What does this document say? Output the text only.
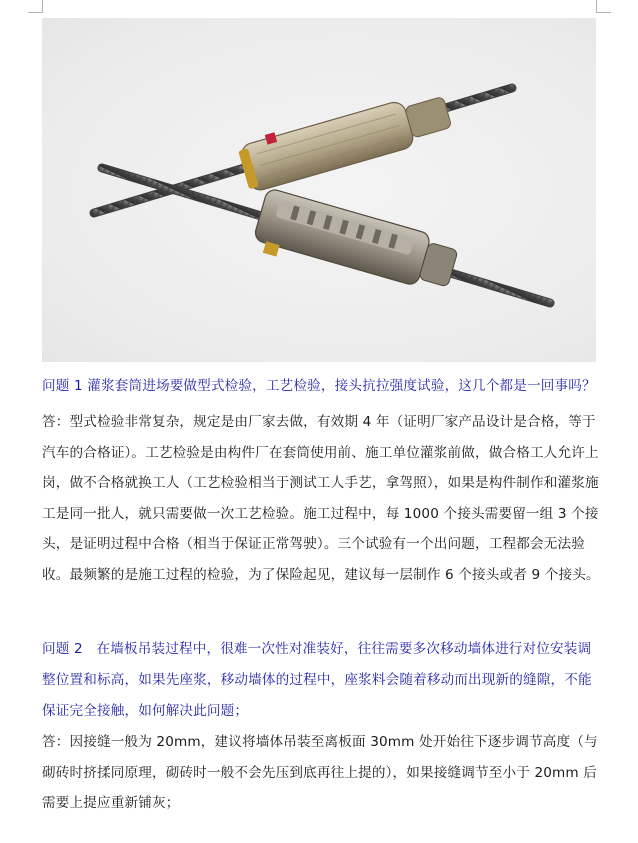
问题 1 灌浆套筒进场要做型式检验，工艺检验，接头抗拉强度试验，这几个都是一回事吗？
答：型式检验非常复杂，规定是由厂家去做，有效期 4 年（证明厂家产品设计是合格，等于汽车的合格证）。工艺检验是由构件厂在套筒使用前、施工单位灌浆前做，做合格工人允许上岗，做不合格就换工人（工艺检验相当于测试工人手艺，拿驾照），如果是构件制作和灌浆施工是同一批人，就只需要做一次工艺检验。施工过程中，每 1000 个接头需要留一组 3 个接头，是证明过程中合格（相当于保证正常驾驶）。三个试验有一个出问题，工程都会无法验收。最频繁的是施工过程的检验，为了保险起见，建议每一层制作 6 个接头或者 9 个接头。
问题 2　在墙板吊装过程中，很难一次性对准装好，往往需要多次移动墙体进行对位安装调整位置和标高，如果先座浆，移动墙体的过程中，座浆料会随着移动而出现新的缝隙，不能保证完全接触，如何解决此问题；
答：因接缝一般为 20mm，建议将墙体吊装至离板面 30mm 处开始往下逐步调节高度（与砌砖时挤揉同原理，砌砖时一般不会先压到底再往上提的），如果接缝调节至小于 20mm 后需要上提应重新铺灰；
